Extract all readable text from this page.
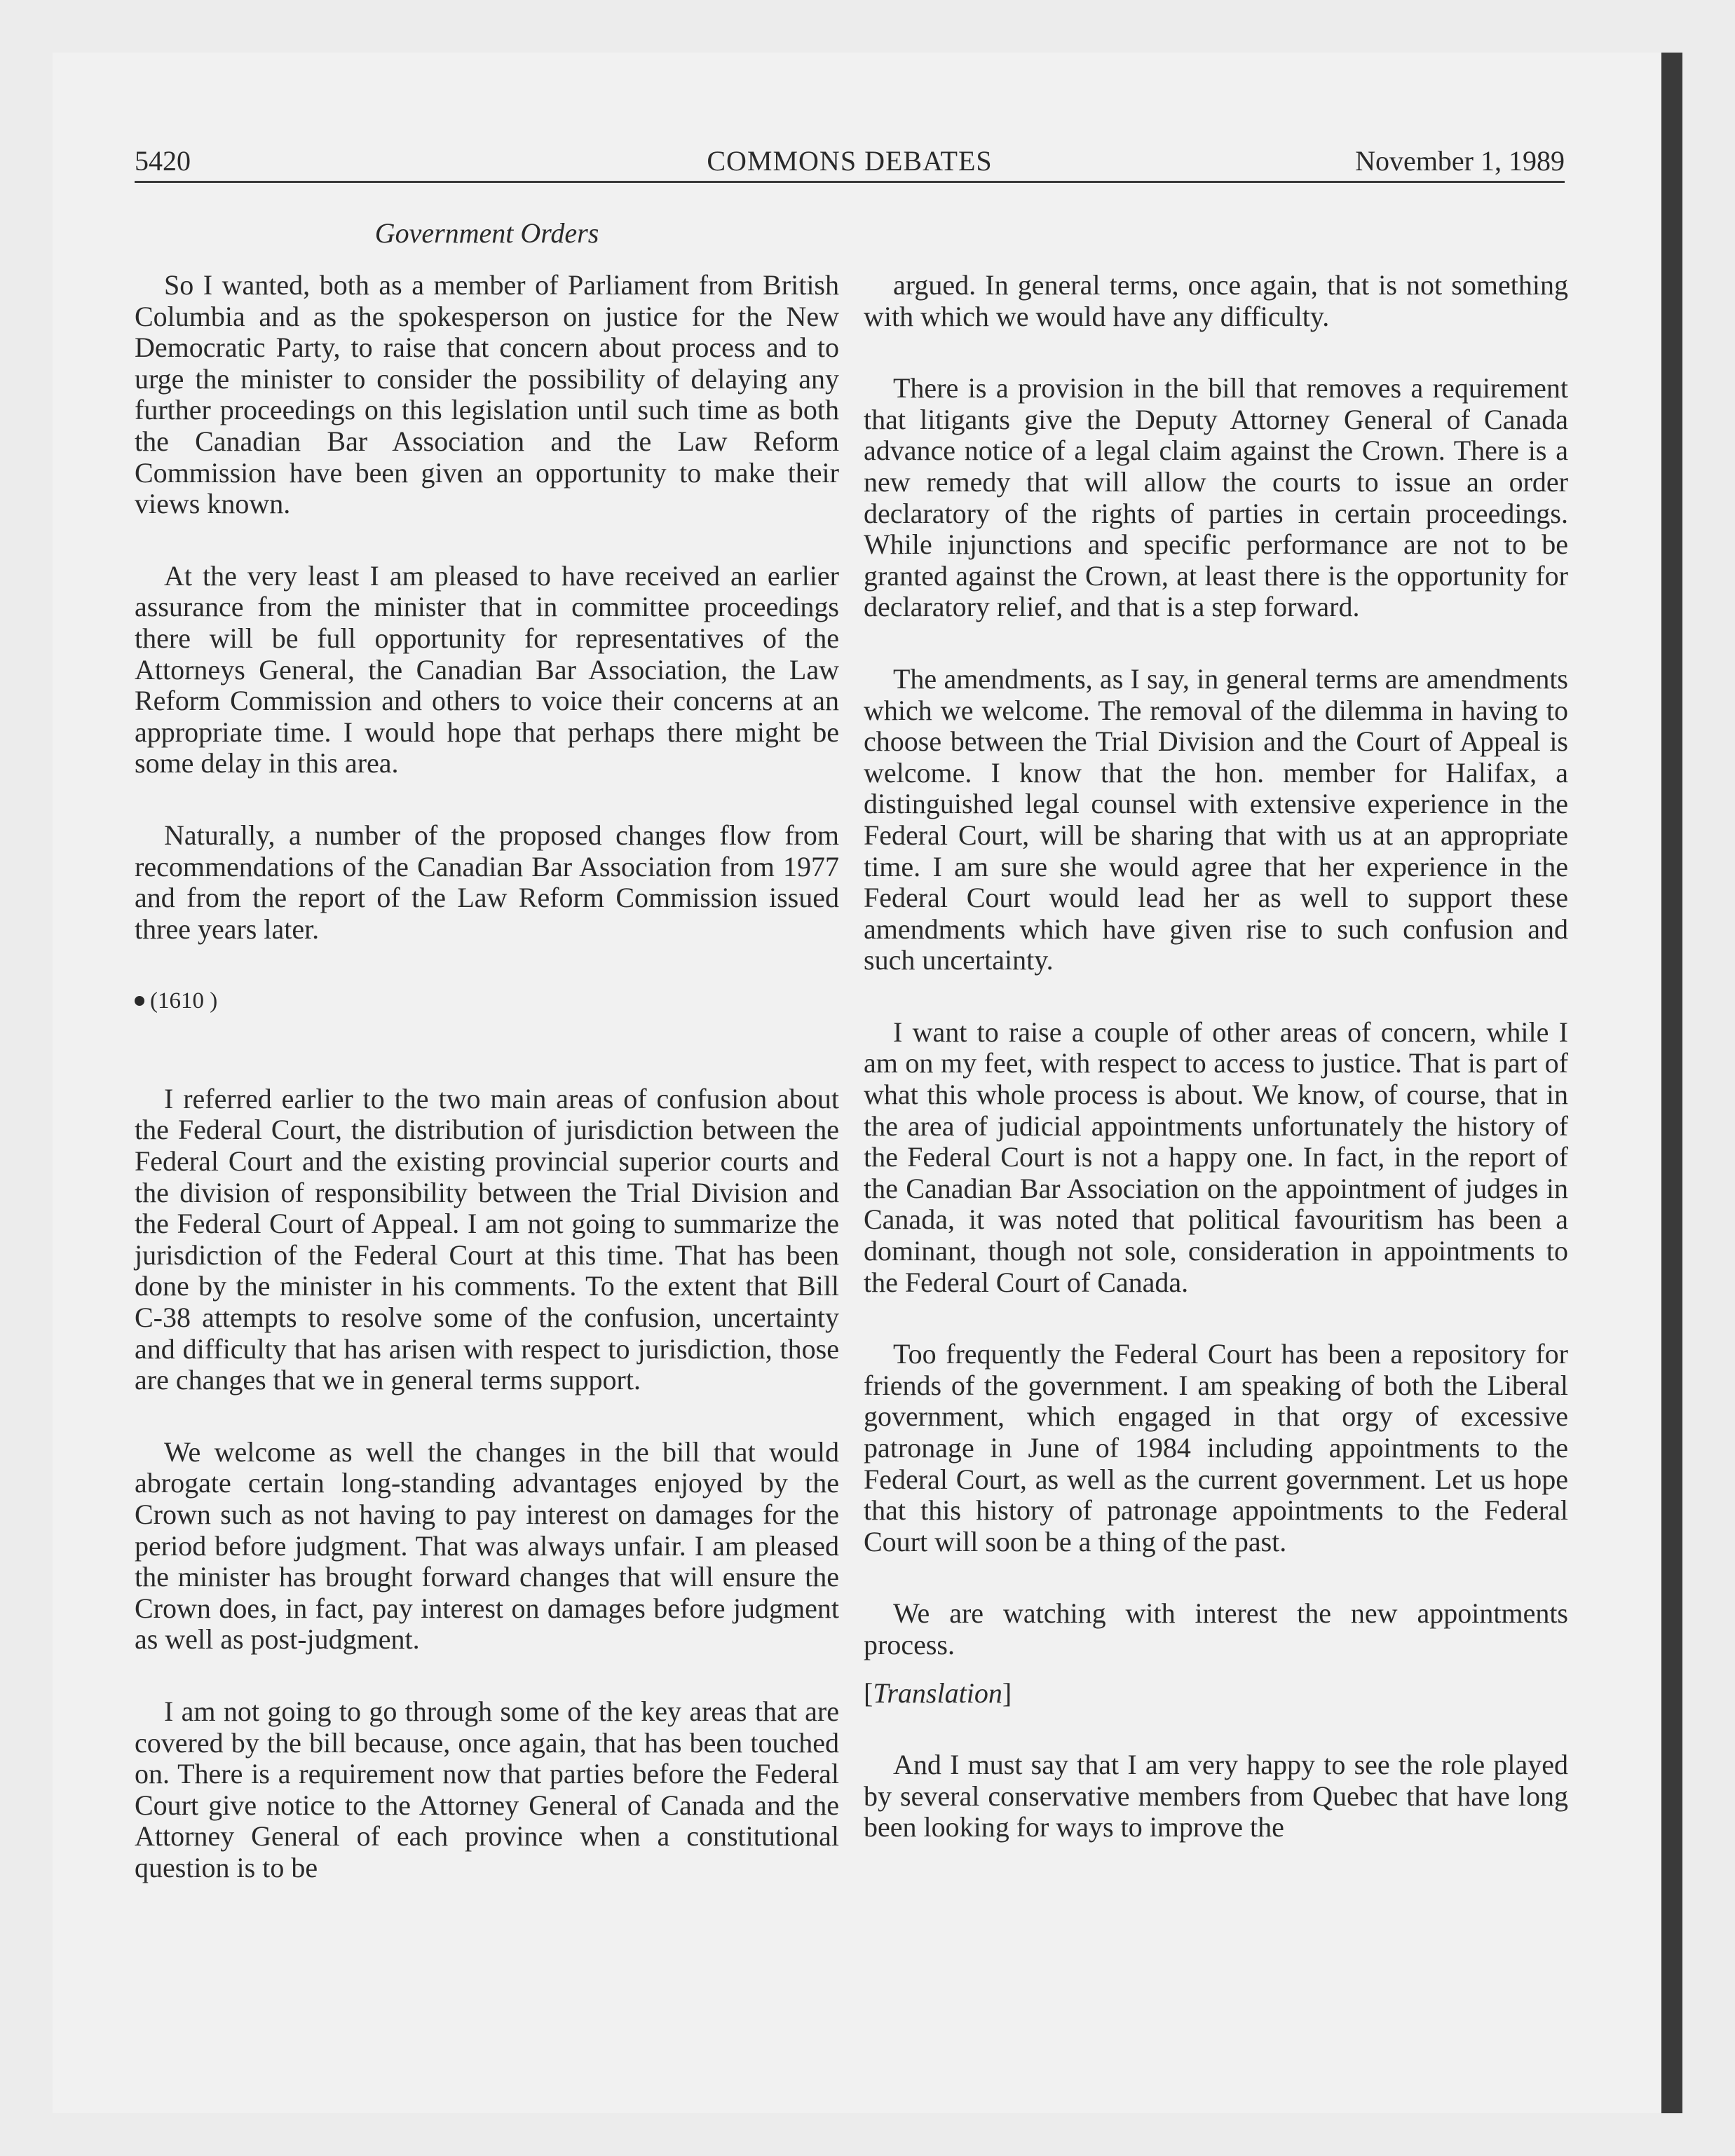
5420	COMMONS DEBATES	November 1, 1989
Government Orders

So I wanted, both as a member of Parliament from British Columbia and as the spokesperson on justice for the New Democratic Party, to raise that concern about process and to urge the minister to consider the possibility of delaying any further proceedings on this legislation until such time as both the Canadian Bar Association and the Law Reform Commission have been given an opportunity to make their views known.

At the very least I am pleased to have received an earlier assurance from the minister that in committee proceedings there will be full opportunity for representatives of the Attorneys General, the Canadian Bar Association, the Law Reform Commission and others to voice their concerns at an appropriate time. I would hope that perhaps there might be some delay in this area.

Naturally, a number of the proposed changes flow from recommendations of the Canadian Bar Association from 1977 and from the report of the Law Reform Commission issued three years later.

(1610 )

I referred earlier to the two main areas of confusion about the Federal Court, the distribution of jurisdiction between the Federal Court and the existing provincial superior courts and the division of responsibility between the Trial Division and the Federal Court of Appeal. I am not going to summarize the jurisdiction of the Federal Court at this time. That has been done by the minister in his comments. To the extent that Bill C-38 attempts to resolve some of the confusion, uncertainty and difficulty that has arisen with respect to jurisdiction, those are changes that we in general terms support.

We welcome as well the changes in the bill that would abrogate certain long-standing advantages enjoyed by the Crown such as not having to pay interest on damages for the period before judgment. That was always unfair. I am pleased the minister has brought forward changes that will ensure the Crown does, in fact, pay interest on damages before judgment as well as post-judgment.

I am not going to go through some of the key areas that are covered by the bill because, once again, that has been touched on. There is a requirement now that parties before the Federal Court give notice to the Attorney General of Canada and the Attorney General of each province when a constitutional question is to be

argued. In general terms, once again, that is not something with which we would have any difficulty.

There is a provision in the bill that removes a requirement that litigants give the Deputy Attorney General of Canada advance notice of a legal claim against the Crown. There is a new remedy that will allow the courts to issue an order declaratory of the rights of parties in certain proceedings. While injunctions and specific performance are not to be granted against the Crown, at least there is the opportunity for declaratory relief, and that is a step forward.

The amendments, as I say, in general terms are amendments which we welcome. The removal of the dilemma in having to choose between the Trial Division and the Court of Appeal is welcome. I know that the hon. member for Halifax, a distinguished legal counsel with extensive experience in the Federal Court, will be sharing that with us at an appropriate time. I am sure she would agree that her experience in the Federal Court would lead her as well to support these amendments which have given rise to such confusion and such uncertainty.

I want to raise a couple of other areas of concern, while I am on my feet, with respect to access to justice. That is part of what this whole process is about. We know, of course, that in the area of judicial appointments unfortunately the history of the Federal Court is not a happy one. In fact, in the report of the Canadian Bar Association on the appointment of judges in Canada, it was noted that political favouritism has been a dominant, though not sole, consideration in appointments to the Federal Court of Canada.

Too frequently the Federal Court has been a repository for friends of the government. I am speaking of both the Liberal government, which engaged in that orgy of excessive patronage in June of 1984 including appointments to the Federal Court, as well as the current government. Let us hope that this history of patronage appointments to the Federal Court will soon be a thing of the past.

We are watching with interest the new appointments process.

[Translation]

And I must say that I am very happy to see the role played by several conservative members from Quebec that have long been looking for ways to improve the
